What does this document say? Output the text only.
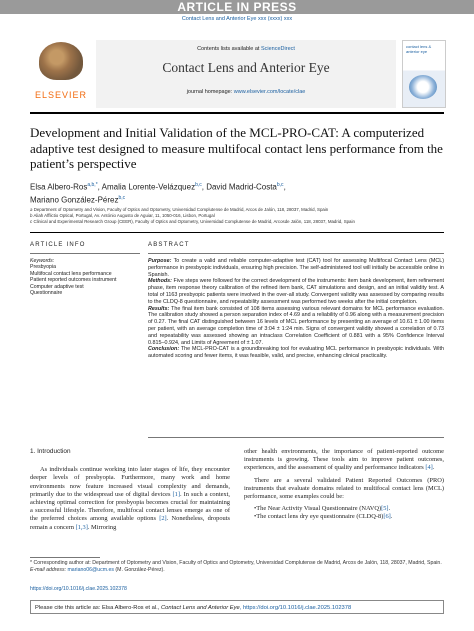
ARTICLE IN PRESS
Contact Lens and Anterior Eye xxx (xxxx) xxx
ELSEVIER
Contents lists available at ScienceDirect
Contact Lens and Anterior Eye
journal homepage: www.elsevier.com/locate/clae
contact lens & anterior eye
Development and Initial Validation of the MCL-PRO-CAT: A computerized adaptive test designed to measure multifocal contact lens performance from the patient’s perspective
Elsa Albero-Ros$^{a,b,*}$, Amalia Lorente-Velázquez$^{b,c}$, David Madrid-Costa$^{b,c}$,
Mariano González-Pérez$^{b,c}$
a Department of Optometry and Vision, Faculty of Optics and Optometry, Universidad Complutense de Madrid, Arcos de Jalón, 118, 28037, Madrid, Spain
b Aliah Afflictio Optical, Portugal, Av. António Augusto de Aguiar, 11, 1050-016, Lisbon, Portugal
c Clinical and Experimental Research Group (CEER), Faculty of Optics and Optometry, Universidad Complutense de Madrid, Arcosde Jalón, 118, 28037, Madrid, Spain
ARTICLE INFO	ABSTRACT
Keywords:
Presbyopia
Multifocal contact lens performance
Patient reported outcomes instrument
Computer adaptive test
Questionnaire

Purpose: To create a valid and reliable computer-adaptive test (CAT) tool for assessing Multifocal Contact Lens (MCL) performance in presbyopic individuals, ensuring high precision. The self-administered tool will initially be accessible online in Spanish.

Methods: Five steps were followed for the correct development of the instruments: item bank development, item refinement phase, item response theory calibration of the refined item bank, CAT simulations and design, and an initial validity test. A total of 1163 presbyopic patients were involved in the over-all study. Convergent validity was assessed by comparing results to the CLDQ-8 questionnaire, and repeatability assessment was performed two weeks after the initial completion.

Results: The final item bank consisted of 108 items assessing various relevant domains for MCL performance evaluation. The calibration study showed a person separation index of 4.69 and a reliability of 0.96 along with a measurement precision of 0.27. The final CAT distinguished between 16 levels of MCL performance by presenting an average of 10.61 ± 1.00 items per patient, with an average completion time of 3:04 ± 1:24 min. Signs of convergent validity showed a correlation of 0.73 and repeatability was assessed showing an intraclass Correlation Coefficient of 0.881 with a 95% Confidence Interval 0.815–0.924, and Limits of Agreement of ± 1.07.

Conclusion: The MCL-PRO-CAT is a groundbreaking tool for evaluating MCL performance in presbyopic individuals. With automated scoring and fewer items, it was feasible, valid, and precise, enhancing clinical practicality.

1. Introduction

As individuals continue working into later stages of life, they encounter deeper levels of presbyopia. Furthermore, many work and home environments now feature increased visual complexity and demands, primarily due to the widespread use of digital devices [1]. In such a context, achieving optimal correction for presbyopia becomes crucial for maintaining a successful lifestyle. Therefore, multifocal contact lenses emerge as one of the preferred choices among available options [2]. Nonetheless, dropouts remain a concern [1,3]. Mirroring

other health environments, the importance of patient-reported outcome instruments is growing. These tools aim to improve patient outcomes, experiences, and the assessment of quality and performance indicators [4].

There are a several validated Patient Reported Outcomes (PRO) instruments that evaluate domains related to multifocal contact lens (MCL) performance, some examples could be:

• The Near Activity Visual Questionnaire (NAVQ)[5].
• The contact lens dry eye questionnaire (CLDQ-8)[6].
* Corresponding author at: Department of Optometry and Vision, Faculty of Optics and Optometry, Universidad Complutense de Madrid, Arcos de Jalón, 118, 28037, Madrid, Spain.
E-mail address: mariano06@ucm.es (M. González-Pérez).
https://doi.org/10.1016/j.clae.2025.102378
Please cite this article as: Elsa Albero-Ros et al., Contact Lens and Anterior Eye, https://doi.org/10.1016/j.clae.2025.102378
